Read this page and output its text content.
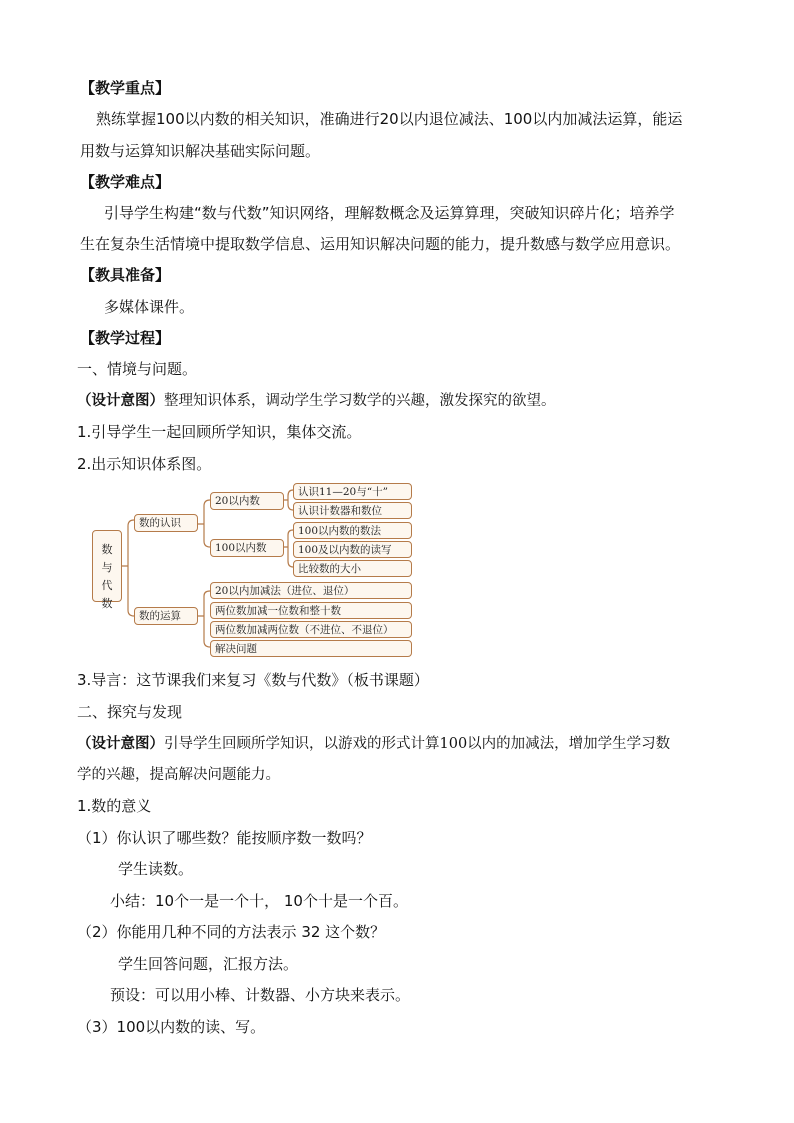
【教学重点】
熟练掌握100以内数的相关知识，准确进行20以内退位减法、100以内加减法运算，能运
用数与运算知识解决基础实际问题。
【教学难点】
引导学生构建“数与代数”知识网络，理解数概念及运算算理，突破知识碎片化；培养学
生在复杂生活情境中提取数学信息、运用知识解决问题的能力，提升数感与数学应用意识。
【教具准备】
多媒体课件。
【教学过程】
一、情境与问题。
（设计意图）整理知识体系，调动学生学习数学的兴趣，激发探究的欲望。
1.引导学生一起回顾所学知识，集体交流。
2.出示知识体系图。
数与代数
数的认识
数的运算
20以内数
100以内数
认识11—20与“十”
认识计数器和数位
100以内数的数法
100及以内数的读写
比较数的大小
20以内加减法（进位、退位）
两位数加减一位数和整十数
两位数加减两位数（不进位、不退位）
解决问题
3.导言：这节课我们来复习《数与代数》（板书课题）
二、探究与发现
（设计意图）引导学生回顾所学知识，以游戏的形式计算100以内的加减法，增加学生学习数
学的兴趣，提高解决问题能力。
1.数的意义
（1）你认识了哪些数？能按顺序数一数吗？
学生读数。
小结：10个一是一个十， 10个十是一个百。
（2）你能用几种不同的方法表示 32 这个数？
学生回答问题，汇报方法。
预设：可以用小棒、计数器、小方块来表示。
（3）100以内数的读、写。
